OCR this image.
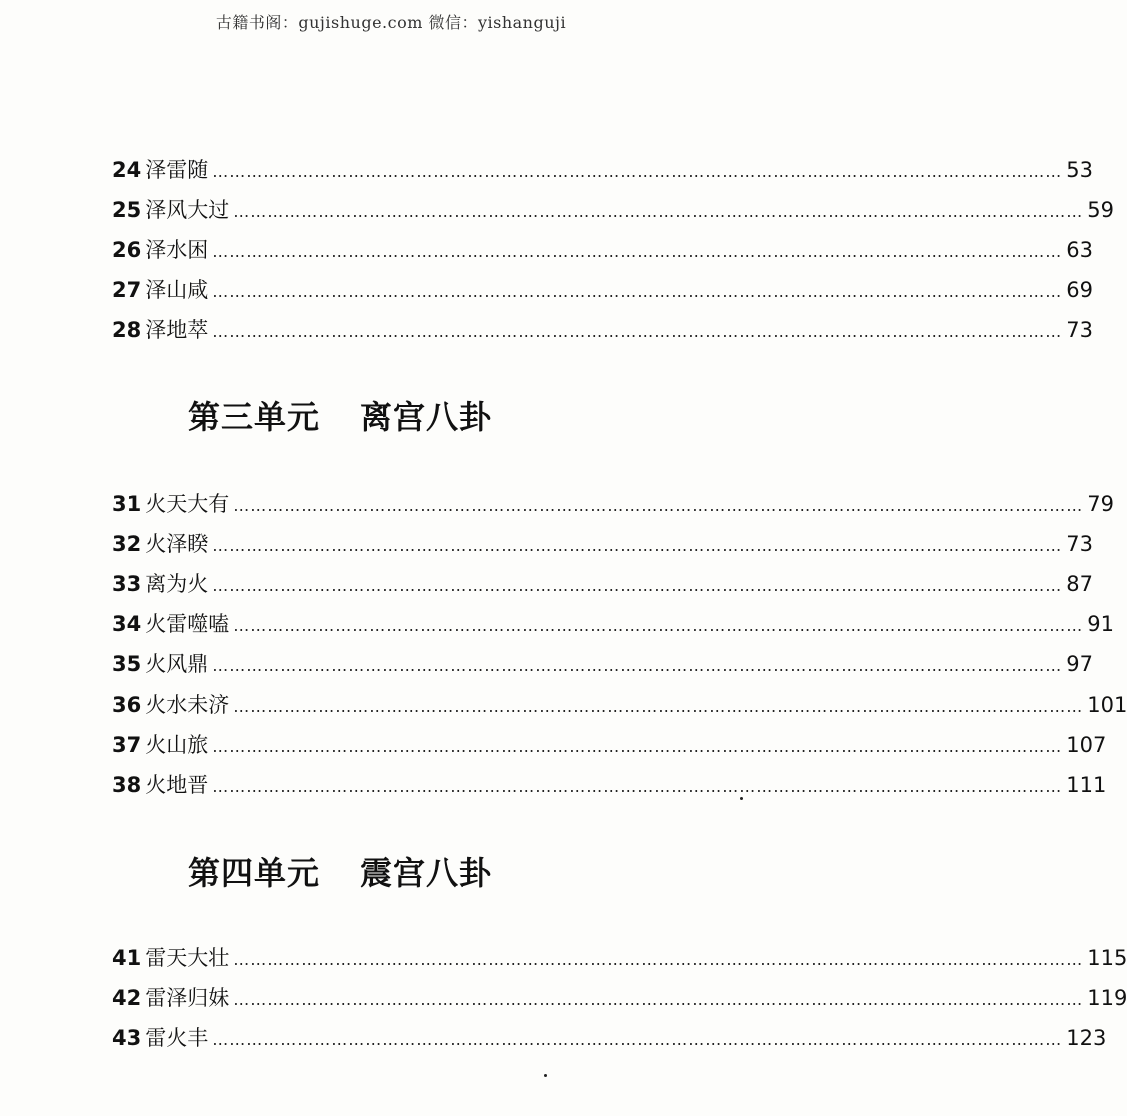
古籍书阁：gujishuge.com 微信：yishanguji
24 泽雷随 …………………………………………………………………………………………………………………………………… 53
25 泽风大过 …………………………………………………………………………………………………………………………………… 59
26 泽水困 …………………………………………………………………………………………………………………………………… 63
27 泽山咸 …………………………………………………………………………………………………………………………………… 69
28 泽地萃 …………………………………………………………………………………………………………………………………… 73
第三单元 离宫八卦
31 火天大有 …………………………………………………………………………………………………………………………………… 79
32 火泽睽 …………………………………………………………………………………………………………………………………… 73
33 离为火 …………………………………………………………………………………………………………………………………… 87
34 火雷噬嗑 …………………………………………………………………………………………………………………………………… 91
35 火风鼎 …………………………………………………………………………………………………………………………………… 97
36 火水未济 …………………………………………………………………………………………………………………………………… 101
37 火山旅 …………………………………………………………………………………………………………………………………… 107
38 火地晋 …………………………………………………………………………………………………………………………………… 111
第四单元 震宫八卦
41 雷天大壮 …………………………………………………………………………………………………………………………………… 115
42 雷泽归妹 …………………………………………………………………………………………………………………………………… 119
43 雷火丰 …………………………………………………………………………………………………………………………………… 123
